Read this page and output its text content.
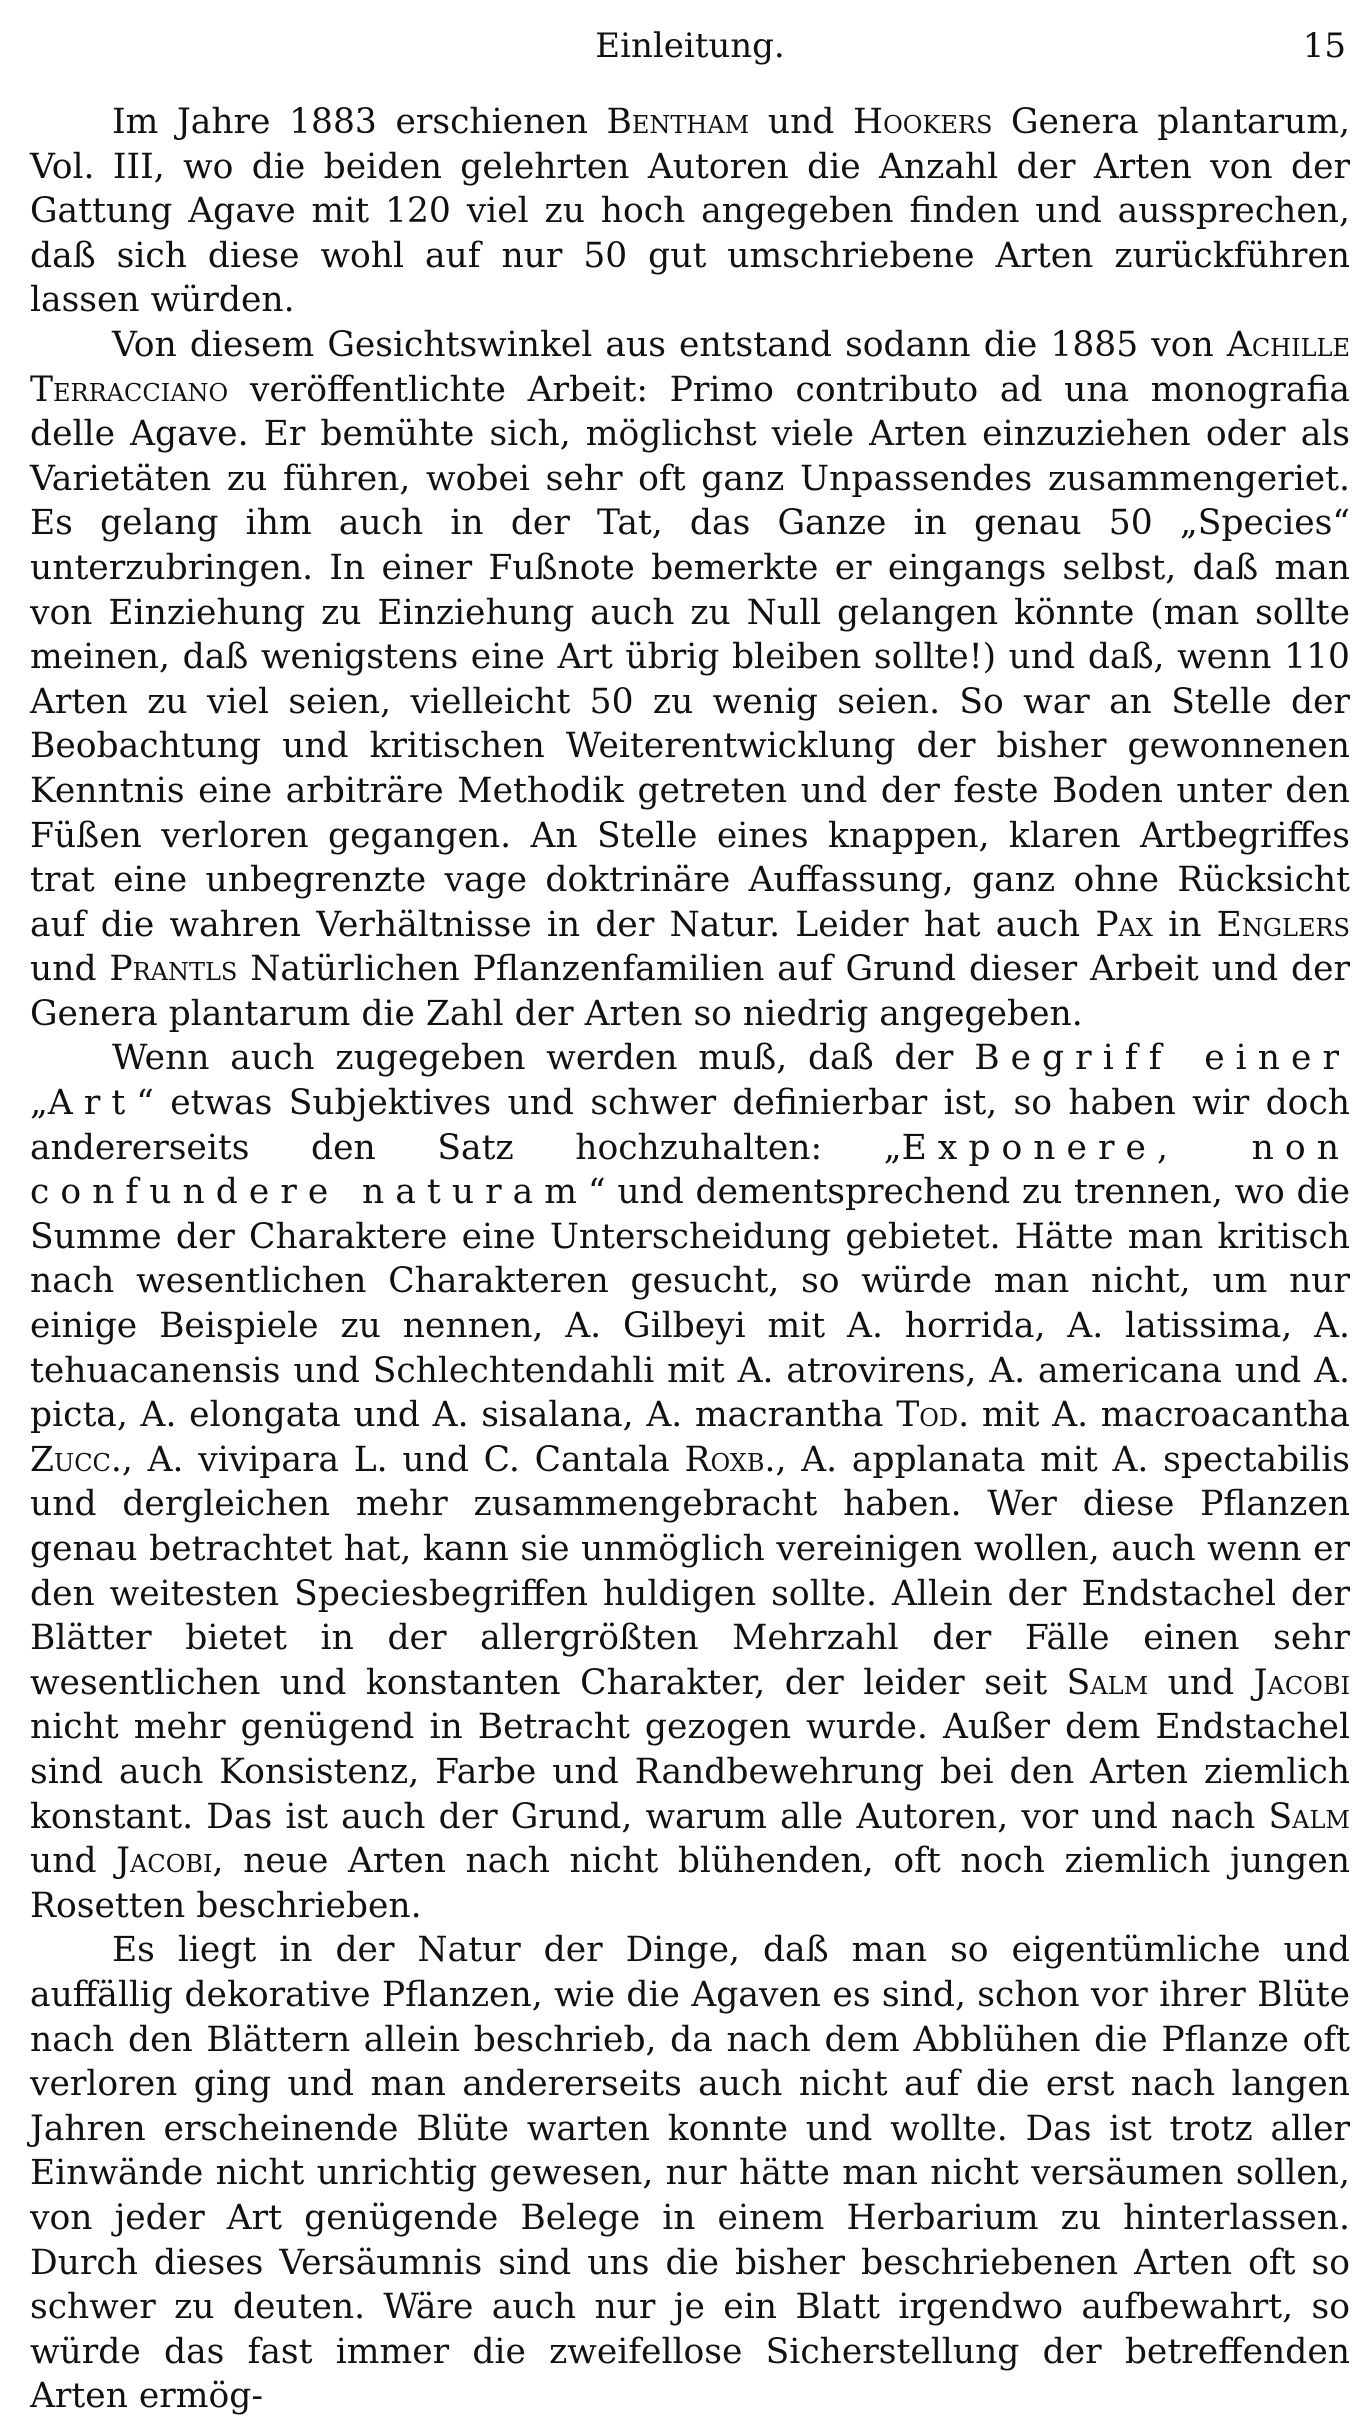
Einleitung.	15

Im Jahre 1883 erschienen Bentham und Hookers Genera plantarum, Vol. III, wo die beiden gelehrten Autoren die Anzahl der Arten von der Gattung Agave mit 120 viel zu hoch angegeben finden und aussprechen, daß sich diese wohl auf nur 50 gut umschriebene Arten zurückführen lassen würden.

Von diesem Gesichtswinkel aus entstand sodann die 1885 von Achille Terracciano veröffentlichte Arbeit: Primo contributo ad una monografia delle Agave. Er bemühte sich, möglichst viele Arten einzuziehen oder als Varietäten zu führen, wobei sehr oft ganz Unpassendes zusammengeriet. Es gelang ihm auch in der Tat, das Ganze in genau 50 „Species“ unterzubringen. In einer Fußnote bemerkte er eingangs selbst, daß man von Einziehung zu Einziehung auch zu Null gelangen könnte (man sollte meinen, daß wenigstens eine Art übrig bleiben sollte!) und daß, wenn 110 Arten zu viel seien, vielleicht 50 zu wenig seien. So war an Stelle der Beobachtung und kritischen Weiterentwicklung der bisher gewonnenen Kenntnis eine arbiträre Methodik getreten und der feste Boden unter den Füßen verloren gegangen. An Stelle eines knappen, klaren Artbegriffes trat eine unbegrenzte vage doktrinäre Auffassung, ganz ohne Rücksicht auf die wahren Verhältnisse in der Natur. Leider hat auch Pax in Englers und Prantls Natürlichen Pflanzenfamilien auf Grund dieser Arbeit und der Genera plantarum die Zahl der Arten so niedrig angegeben.

Wenn auch zugegeben werden muß, daß der Begriff einer „Art“ etwas Subjektives und schwer definierbar ist, so haben wir doch andererseits den Satz hochzuhalten: „Exponere, non confundere naturam“ und dementsprechend zu trennen, wo die Summe der Charaktere eine Unterscheidung gebietet. Hätte man kritisch nach wesentlichen Charakteren gesucht, so würde man nicht, um nur einige Beispiele zu nennen, A. Gilbeyi mit A. horrida, A. latissima, A. tehuacanensis und Schlechtendahli mit A. atrovirens, A. americana und A. picta, A. elongata und A. sisalana, A. macrantha Tod. mit A. macroacantha Zucc., A. vivipara L. und C. Cantala Roxb., A. applanata mit A. spectabilis und dergleichen mehr zusammengebracht haben. Wer diese Pflanzen genau betrachtet hat, kann sie unmöglich vereinigen wollen, auch wenn er den weitesten Speciesbegriffen huldigen sollte. Allein der Endstachel der Blätter bietet in der allergrößten Mehrzahl der Fälle einen sehr wesentlichen und konstanten Charakter, der leider seit Salm und Jacobi nicht mehr genügend in Betracht gezogen wurde. Außer dem Endstachel sind auch Konsistenz, Farbe und Randbewehrung bei den Arten ziemlich konstant. Das ist auch der Grund, warum alle Autoren, vor und nach Salm und Jacobi, neue Arten nach nicht blühenden, oft noch ziemlich jungen Rosetten beschrieben.

Es liegt in der Natur der Dinge, daß man so eigentümliche und auffällig dekorative Pflanzen, wie die Agaven es sind, schon vor ihrer Blüte nach den Blättern allein beschrieb, da nach dem Abblühen die Pflanze oft verloren ging und man andererseits auch nicht auf die erst nach langen Jahren erscheinende Blüte warten konnte und wollte. Das ist trotz aller Einwände nicht unrichtig gewesen, nur hätte man nicht versäumen sollen, von jeder Art genügende Belege in einem Herbarium zu hinterlassen. Durch dieses Versäumnis sind uns die bisher beschriebenen Arten oft so schwer zu deuten. Wäre auch nur je ein Blatt irgendwo aufbewahrt, so würde das fast immer die zweifellose Sicherstellung der betreffenden Arten ermög-
